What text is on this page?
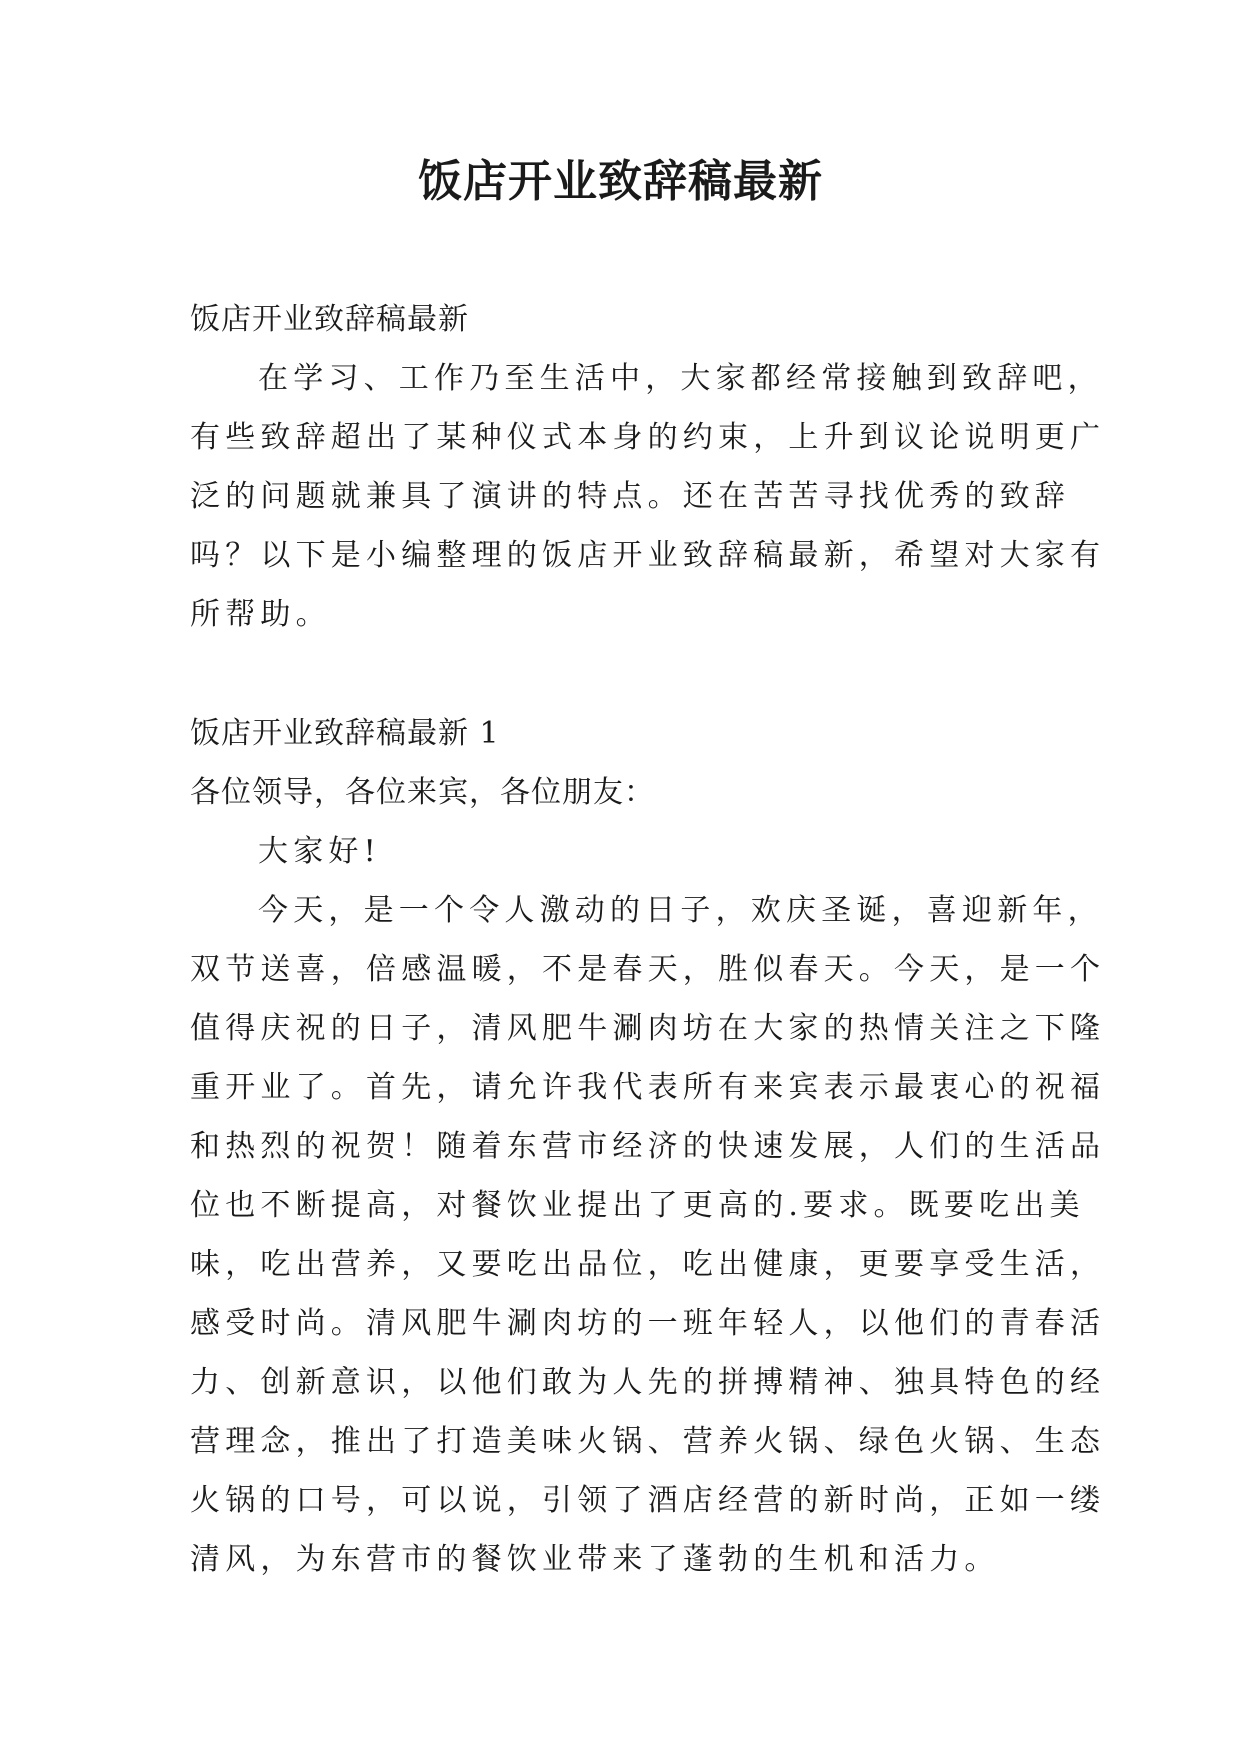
饭店开业致辞稿最新
饭店开业致辞稿最新
在学习、工作乃至生活中，大家都经常接触到致辞吧，
有些致辞超出了某种仪式本身的约束，上升到议论说明更广
泛的问题就兼具了演讲的特点。还在苦苦寻找优秀的致辞
吗？以下是小编整理的饭店开业致辞稿最新，希望对大家有
所帮助。
饭店开业致辞稿最新 1
各位领导，各位来宾，各位朋友：
大家好!
今天，是一个令人激动的日子，欢庆圣诞，喜迎新年，
双节送喜，倍感温暖，不是春天，胜似春天。今天，是一个
值得庆祝的日子，清风肥牛涮肉坊在大家的热情关注之下隆
重开业了。首先，请允许我代表所有来宾表示最衷心的祝福
和热烈的祝贺！随着东营市经济的快速发展，人们的生活品
位也不断提高，对餐饮业提出了更高的.要求。既要吃出美
味，吃出营养，又要吃出品位，吃出健康，更要享受生活，
感受时尚。清风肥牛涮肉坊的一班年轻人，以他们的青春活
力、创新意识，以他们敢为人先的拼搏精神、独具特色的经
营理念，推出了打造美味火锅、营养火锅、绿色火锅、生态
火锅的口号，可以说，引领了酒店经营的新时尚，正如一缕
清风，为东营市的餐饮业带来了蓬勃的生机和活力。
